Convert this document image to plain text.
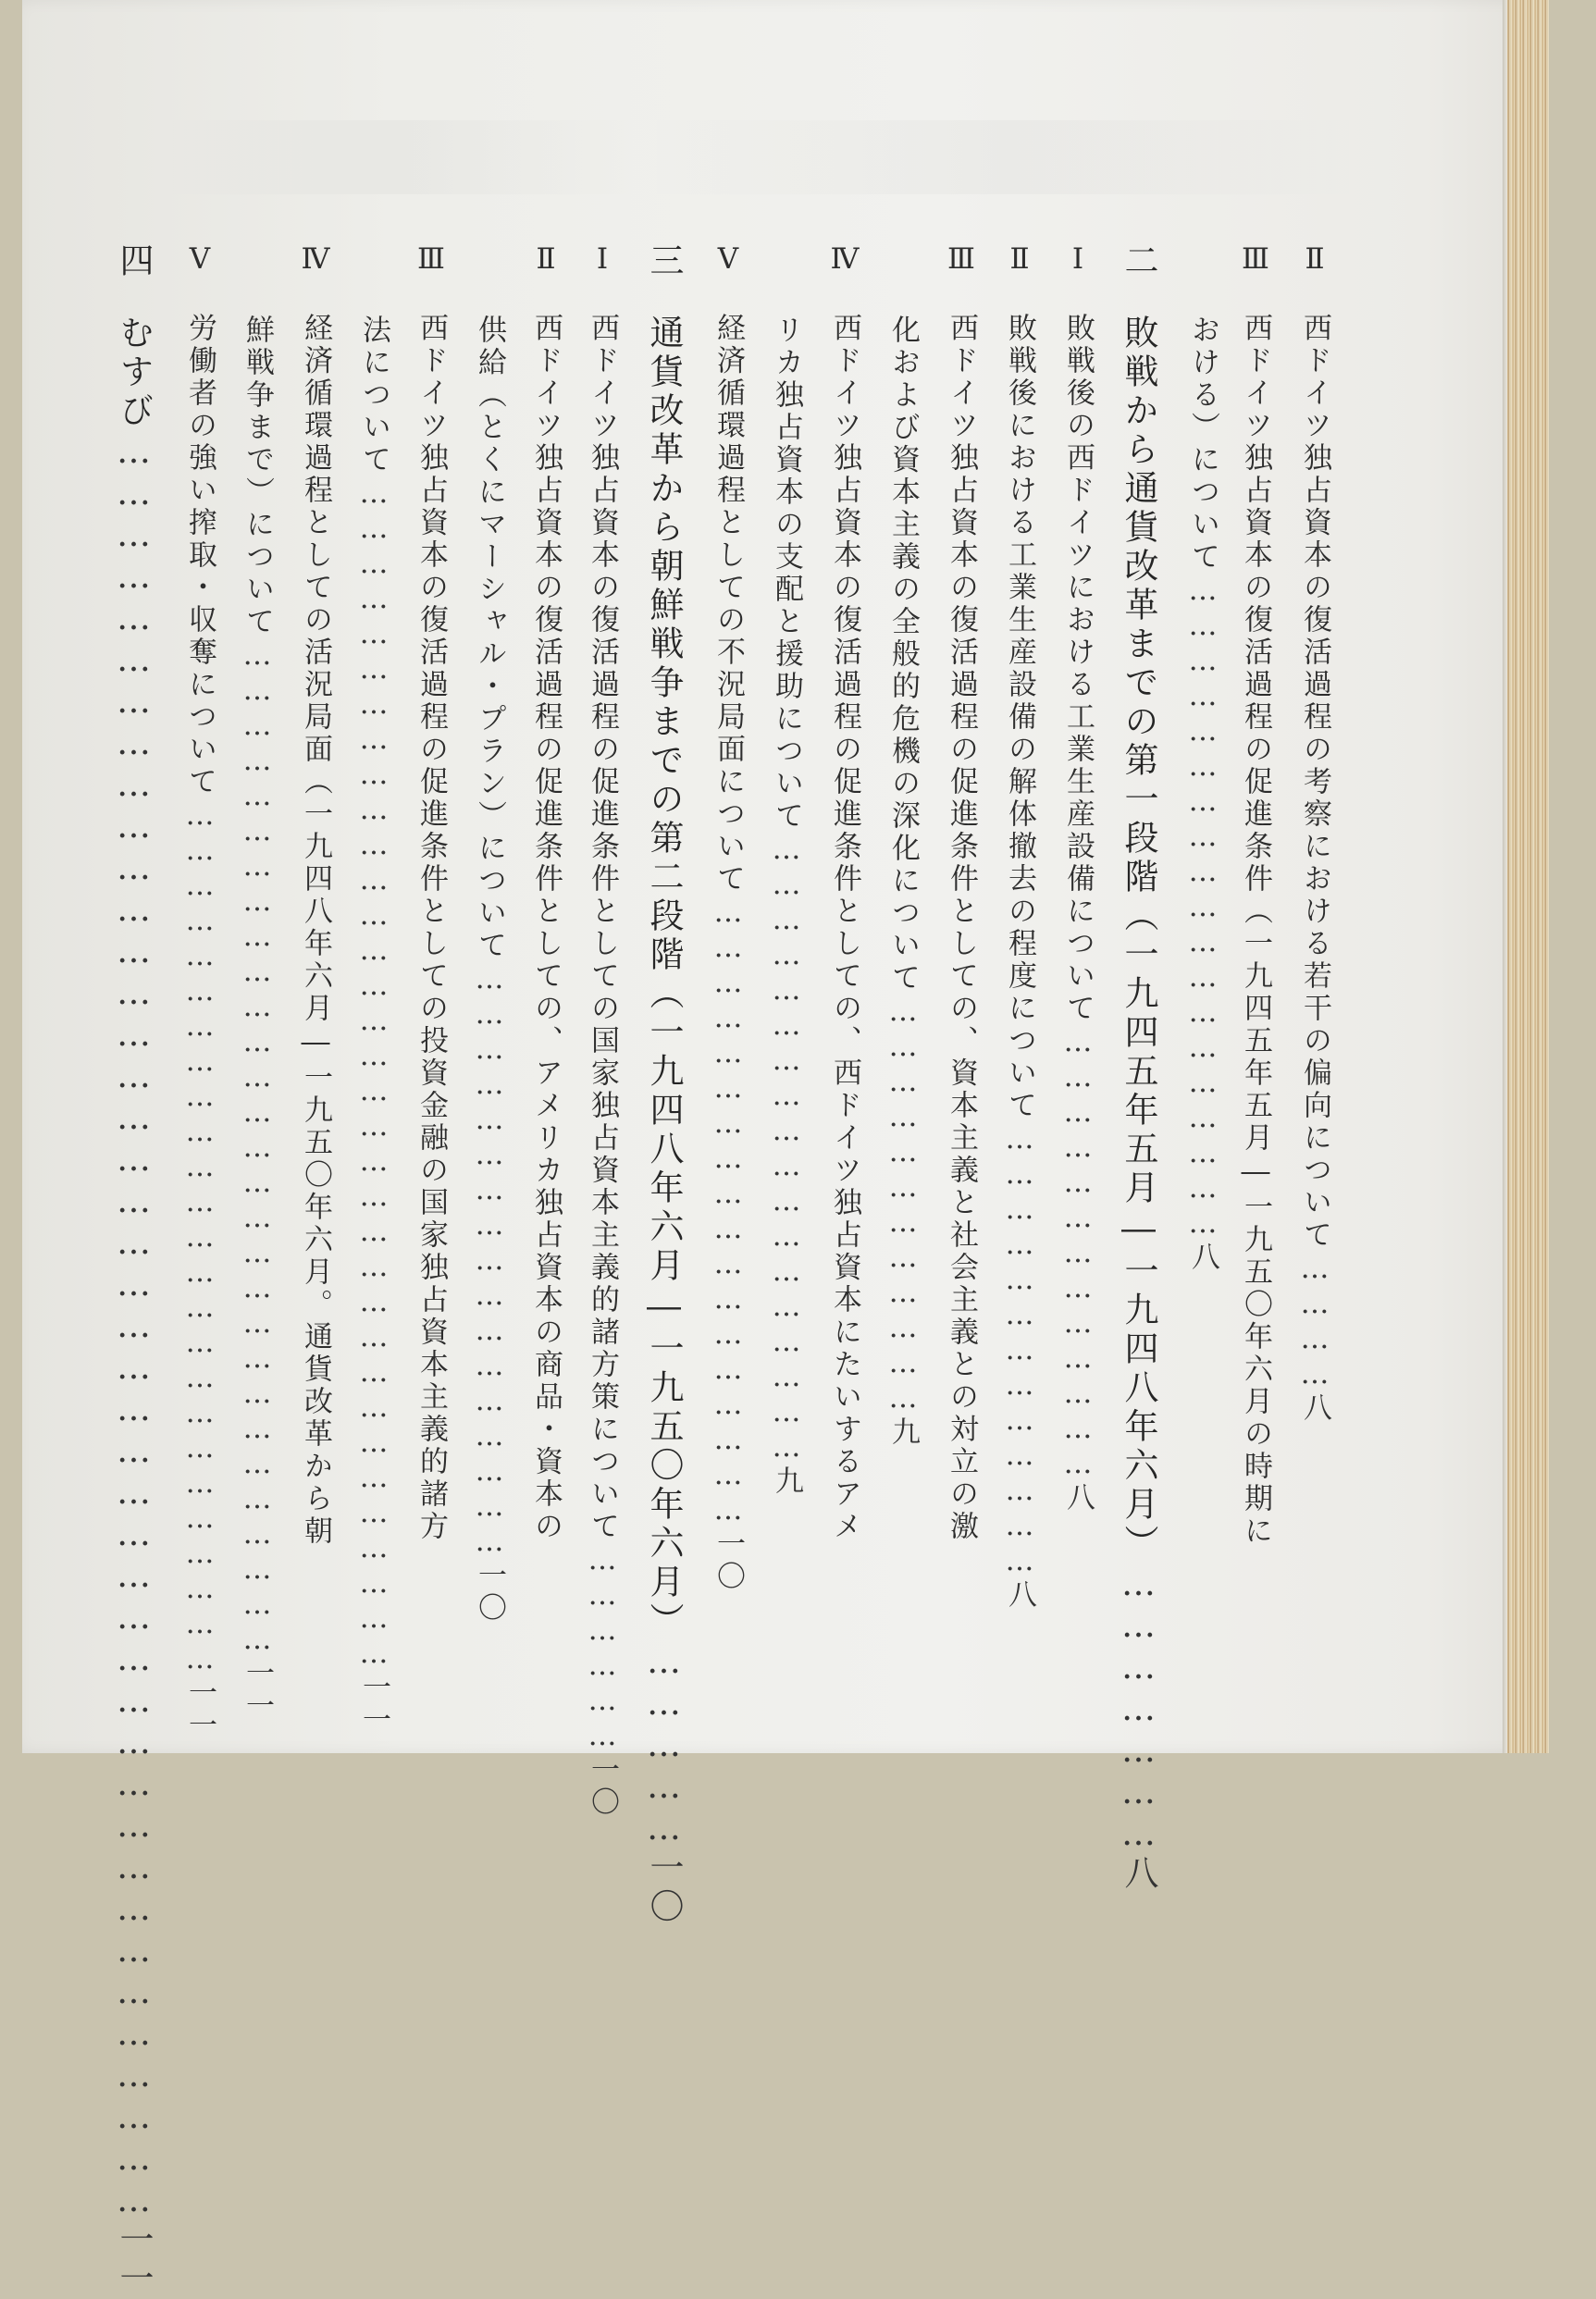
Ⅱ西ドイツ独占資本の復活過程の考察における若干の偏向について…………八
Ⅲ西ドイツ独占資本の復活過程の促進条件（一九四五年五月―一九五〇年六月の時期に
おける）について…………………………………………………八
二敗戦から通貨改革までの第一段階（一九四五年五月―一九四八年六月）…………………八
Ⅰ敗戦後の西ドイツにおける工業生産設備について…………………………………八
Ⅱ敗戦後における工業生産設備の解体撤去の程度について…………………………………八
Ⅲ西ドイツ独占資本の復活過程の促進条件としての、資本主義と社会主義との対立の激
化および資本主義の全般的危機の深化について………………………………九
Ⅳ西ドイツ独占資本の復活過程の促進条件としての、西ドイツ独占資本にたいするアメ
リカ独占資本の支配と援助について………………………………………………九
Ⅴ経済循環過程としての不況局面について………………………………………………一〇
三通貨改革から朝鮮戦争までの第二段階（一九四八年六月―一九五〇年六月）……………一〇
Ⅰ西ドイツ独占資本の復活過程の促進条件としての国家独占資本主義的諸方策について………………一〇
Ⅱ西ドイツ独占資本の復活過程の促進条件としての、アメリカ独占資本の商品・資本の
供給（とくにマーシャル・プラン）について……………………………………………一〇
Ⅲ西ドイツ独占資本の復活過程の促進条件としての投資金融の国家独占資本主義的諸方
法について…………………………………………………………………………………………一一
Ⅳ経済循環過程としての活況局面（一九四八年六月―一九五〇年六月。通貨改革から朝
鮮戦争まで）について……………………………………………………………………………一一
Ⅴ労働者の強い搾取・収奪について…………………………………………………………………一一
四むすび…………………………………………………………………………………………………………………一一
